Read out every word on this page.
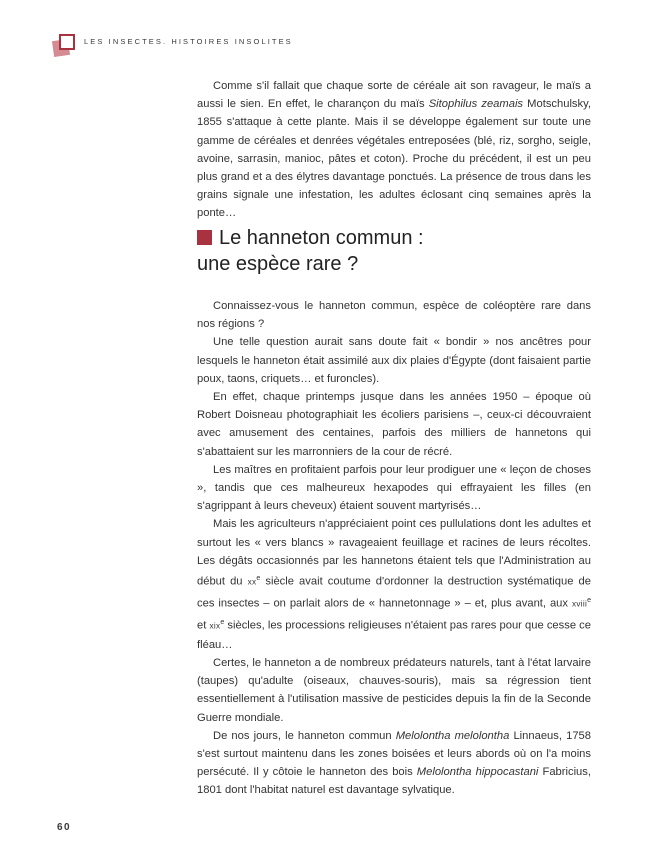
LES INSECTES. HISTOIRES INSOLITES

Comme s'il fallait que chaque sorte de céréale ait son ravageur, le maïs a aussi le sien. En effet, le charançon du maïs Sitophilus zeamais Motschulsky, 1855 s'attaque à cette plante. Mais il se développe également sur toute une gamme de céréales et denrées végétales entreposées (blé, riz, sorgho, seigle, avoine, sarrasin, manioc, pâtes et coton). Proche du précédent, il est un peu plus grand et a des élytres davantage ponctués. La présence de trous dans les grains signale une infestation, les adultes éclosant cinq semaines après la ponte…

Le hanneton commun :
une espèce rare ?

Connaissez-vous le hanneton commun, espèce de coléoptère rare dans nos régions ?

Une telle question aurait sans doute fait « bondir » nos ancêtres pour lesquels le hanneton était assimilé aux dix plaies d'Égypte (dont faisaient partie poux, taons, criquets… et furoncles).

En effet, chaque printemps jusque dans les années 1950 – époque où Robert Doisneau photographiait les écoliers parisiens –, ceux-ci découvraient avec amusement des centaines, parfois des milliers de hannetons qui s'abattaient sur les marronniers de la cour de récré.

Les maîtres en profitaient parfois pour leur prodiguer une « leçon de choses », tandis que ces malheureux hexapodes qui effrayaient les filles (en s'agrippant à leurs cheveux) étaient souvent martyrisés…

Mais les agriculteurs n'appréciaient point ces pullulations dont les adultes et surtout les « vers blancs » ravageaient feuillage et racines de leurs récoltes. Les dégâts occasionnés par les hannetons étaient tels que l'Administration au début du $xx^e$ siècle avait coutume d'ordonner la destruction systématique de ces insectes – on parlait alors de « hannetonnage » – et, plus avant, aux xviii$^e$ et xix$^e$ siècles, les processions religieuses n'étaient pas rares pour que cesse ce fléau…

Certes, le hanneton a de nombreux prédateurs naturels, tant à l'état larvaire (taupes) qu'adulte (oiseaux, chauves-souris), mais sa régression tient essentiellement à l'utilisation massive de pesticides depuis la fin de la Seconde Guerre mondiale.

De nos jours, le hanneton commun Melolontha melolontha Linnaeus, 1758 s'est surtout maintenu dans les zones boisées et leurs abords où on l'a moins persécuté. Il y côtoie le hanneton des bois Melolontha hippocastani Fabricius, 1801 dont l'habitat naturel est davantage sylvatique.

60
